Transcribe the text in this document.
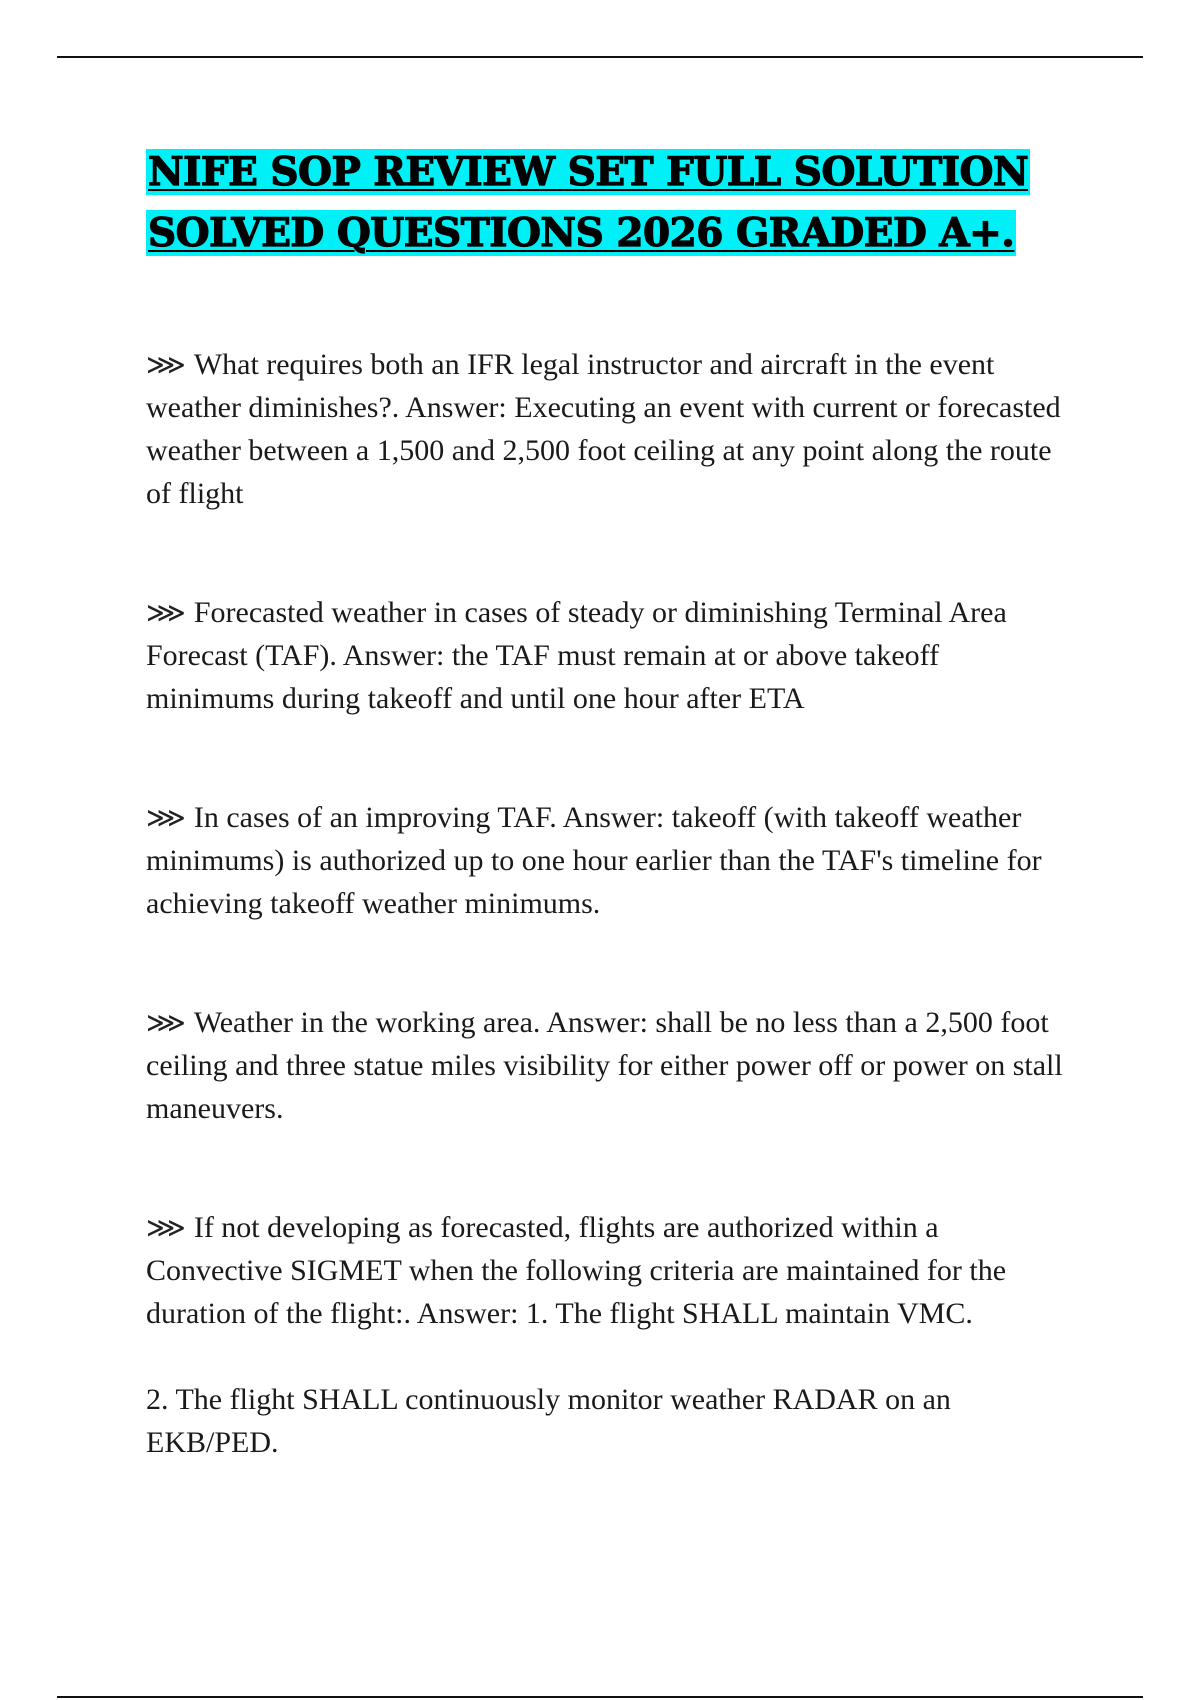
NIFE SOP REVIEW SET FULL SOLUTION
SOLVED QUESTIONS 2026 GRADED A+.

⋙ What requires both an IFR legal instructor and aircraft in the event weather diminishes?. Answer: Executing an event with current or forecasted weather between a 1,500 and 2,500 foot ceiling at any point along the route of flight

⋙ Forecasted weather in cases of steady or diminishing Terminal Area Forecast (TAF). Answer: the TAF must remain at or above takeoff minimums during takeoff and until one hour after ETA

⋙ In cases of an improving TAF. Answer: takeoff (with takeoff weather minimums) is authorized up to one hour earlier than the TAF's timeline for achieving takeoff weather minimums.

⋙ Weather in the working area. Answer: shall be no less than a 2,500 foot ceiling and three statue miles visibility for either power off or power on stall maneuvers.

⋙ If not developing as forecasted, flights are authorized within a Convective SIGMET when the following criteria are maintained for the duration of the flight:. Answer: 1. The flight SHALL maintain VMC.

2. The flight SHALL continuously monitor weather RADAR on an EKB/PED.
